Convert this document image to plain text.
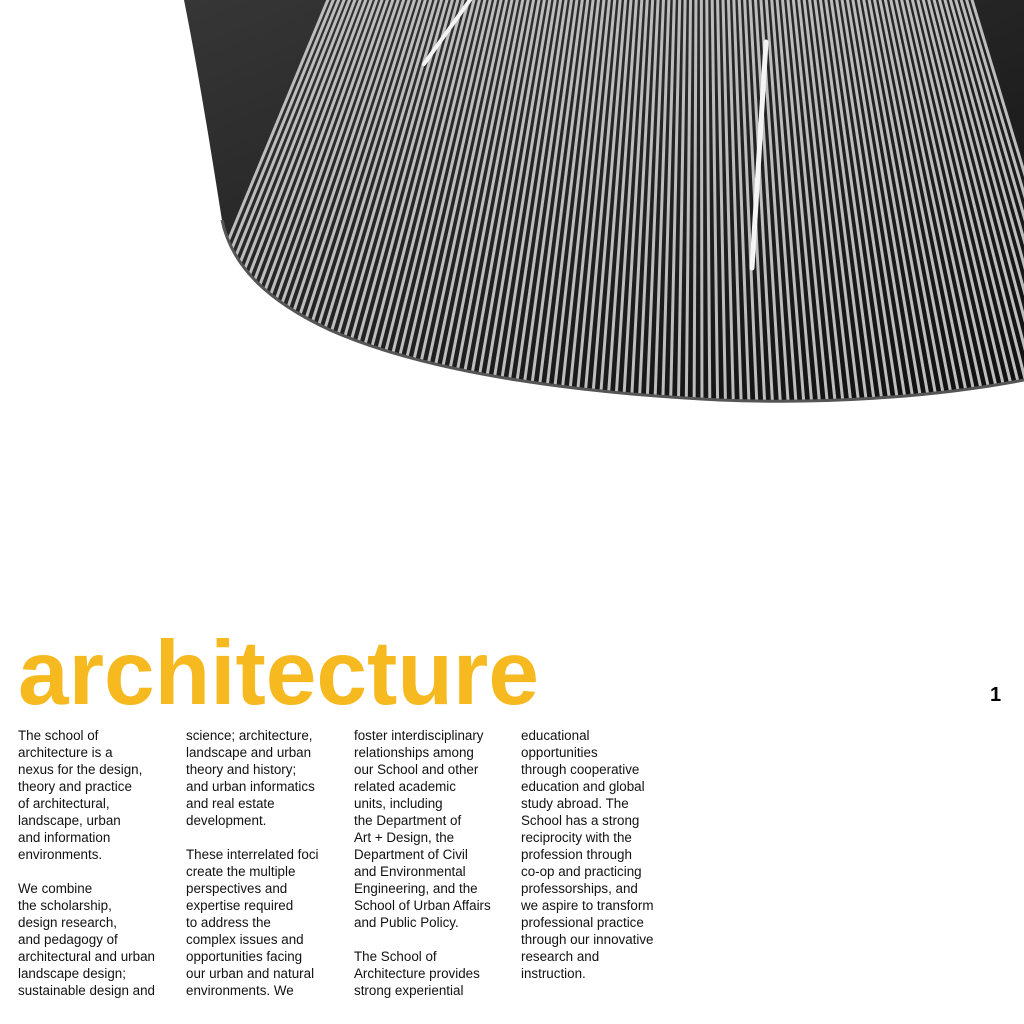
architecture	1

The school of
architecture is a
nexus for the design,
theory and practice
of architectural,
landscape, urban
and information
environments.

We combine
the scholarship,
design research,
and pedagogy of
architectural and urban
landscape design;
sustainable design and

science; architecture,
landscape and urban
theory and history;
and urban informatics
and real estate
development.

These interrelated foci
create the multiple
perspectives and
expertise required
to address the
complex issues and
opportunities facing
our urban and natural
environments. We

foster interdisciplinary
relationships among
our School and other
related academic
units, including
the Department of
Art + Design, the
Department of Civil
and Environmental
Engineering, and the
School of Urban Affairs
and Public Policy.

The School of
Architecture provides
strong experiential

educational
opportunities
through cooperative
education and global
study abroad. The
School has a strong
reciprocity with the
profession through
co-op and practicing
professorships, and
we aspire to transform
professional practice
through our innovative
research and
instruction.
